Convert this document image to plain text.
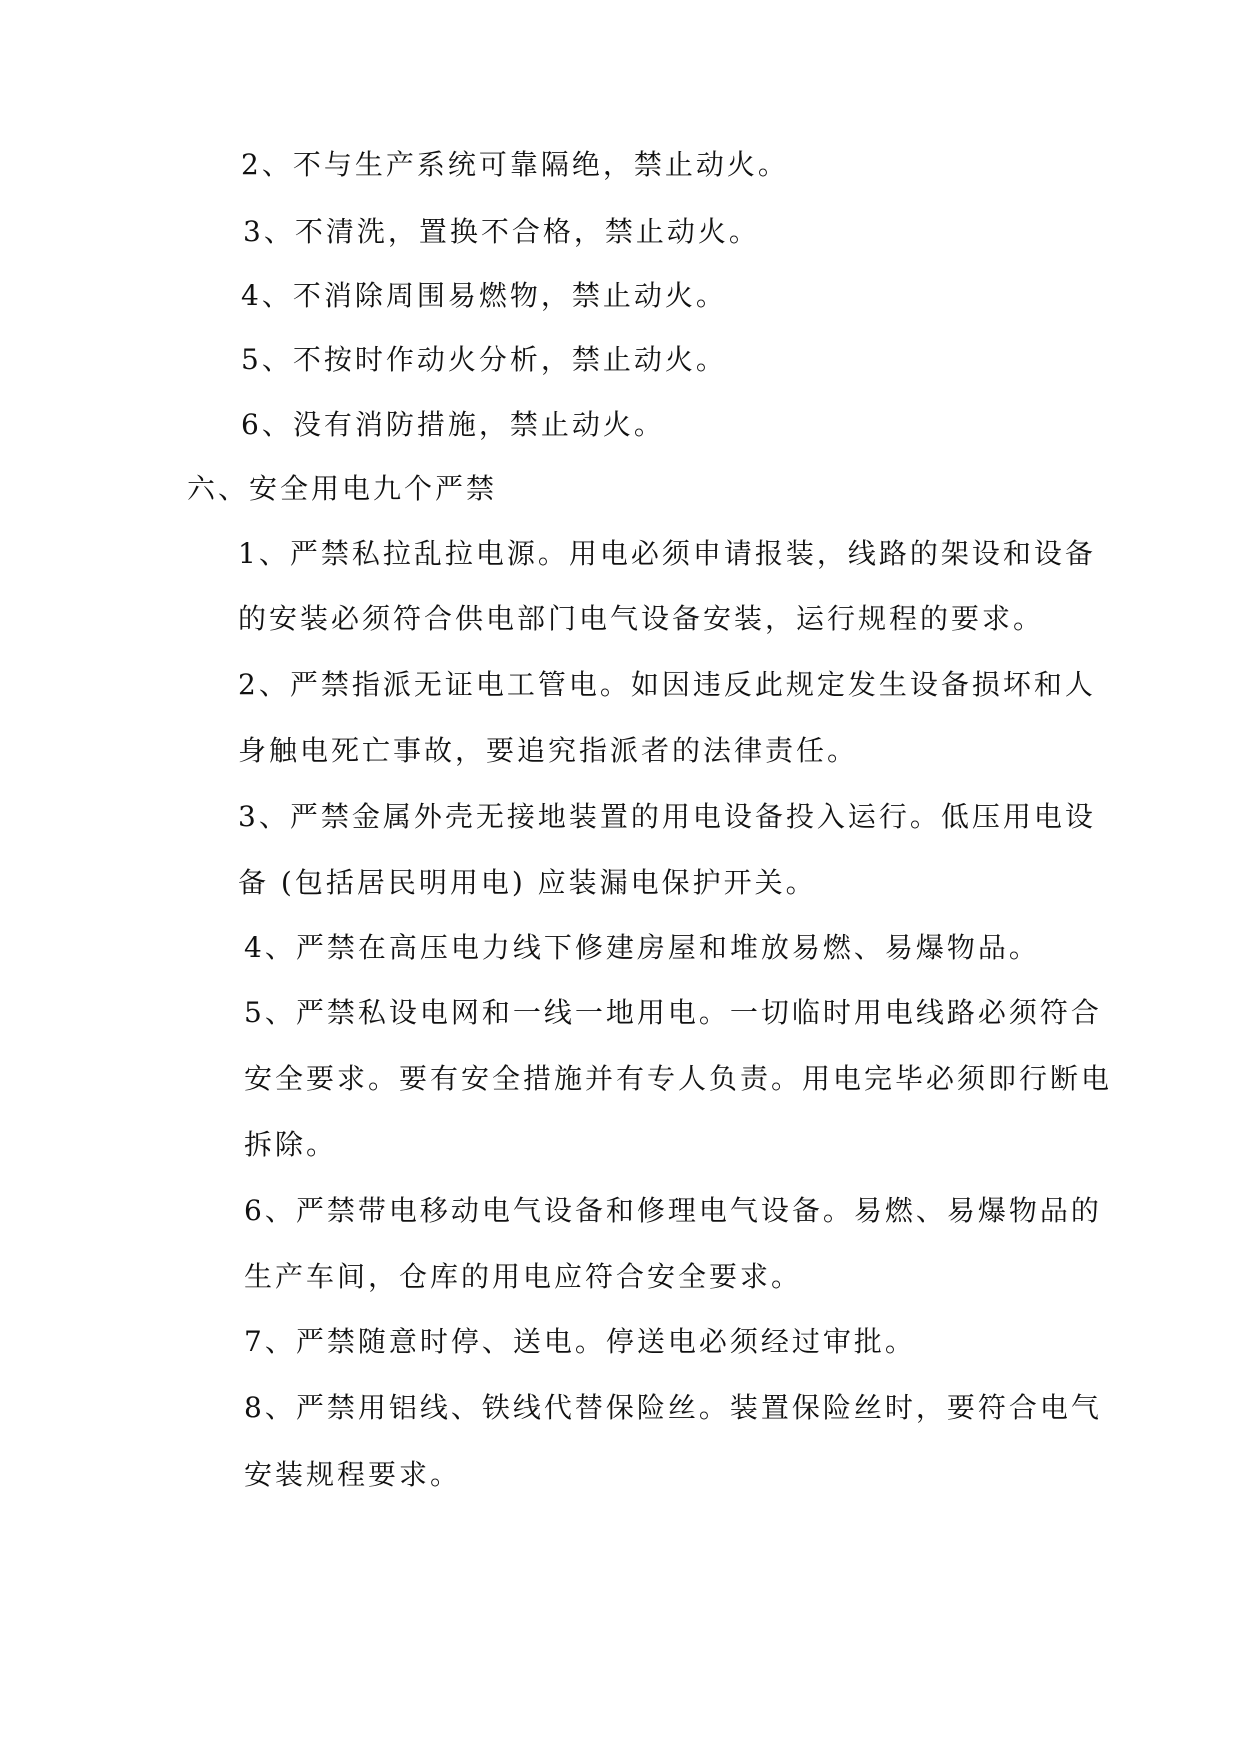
2、不与生产系统可靠隔绝，禁止动火。
3、不清洗，置换不合格，禁止动火。
4、不消除周围易燃物，禁止动火。
5、不按时作动火分析，禁止动火。
6、没有消防措施，禁止动火。
六、安全用电九个严禁
1、严禁私拉乱拉电源。用电必须申请报装，线路的架设和设备
的安装必须符合供电部门电气设备安装，运行规程的要求。
2、严禁指派无证电工管电。如因违反此规定发生设备损坏和人
身触电死亡事故，要追究指派者的法律责任。
3、严禁金属外壳无接地装置的用电设备投入运行。低压用电设
备 (包括居民明用电) 应装漏电保护开关。
4、严禁在高压电力线下修建房屋和堆放易燃、易爆物品。
5、严禁私设电网和一线一地用电。一切临时用电线路必须符合
安全要求。要有安全措施并有专人负责。用电完毕必须即行断电
拆除。
6、严禁带电移动电气设备和修理电气设备。易燃、易爆物品的
生产车间，仓库的用电应符合安全要求。
7、严禁随意时停、送电。停送电必须经过审批。
8、严禁用铝线、铁线代替保险丝。装置保险丝时，要符合电气
安装规程要求。
